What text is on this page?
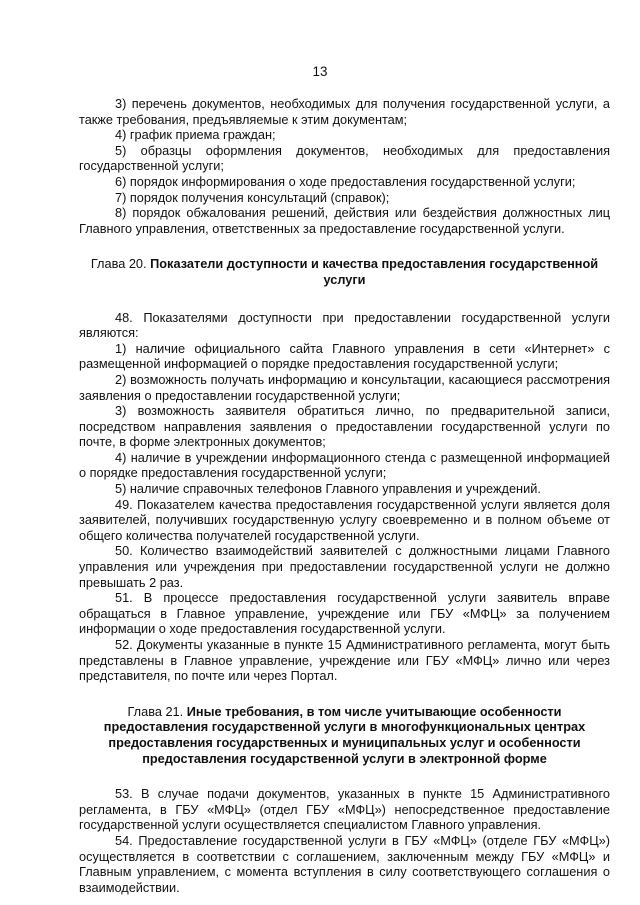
13

3) перечень документов, необходимых для получения государственной услуги, а также требования, предъявляемые к этим документам;

4) график приема граждан;

5) образцы оформления документов, необходимых для предоставления государственной услуги;

6) порядок информирования о ходе предоставления государственной услуги;

7) порядок получения консультаций (справок);

8) порядок обжалования решений, действия или бездействия должностных лиц Главного управления, ответственных за предоставление государственной услуги.

Глава 20. Показатели доступности и качества предоставления государственной услуги

48. Показателями доступности при предоставлении государственной услуги являются:

1) наличие официального сайта Главного управления в сети «Интернет» с размещенной информацией о порядке предоставления государственной услуги;

2) возможность получать информацию и консультации, касающиеся рассмотрения заявления о предоставлении государственной услуги;

3) возможность заявителя обратиться лично, по предварительной записи, посредством направления заявления о предоставлении государственной услуги по почте, в форме электронных документов;

4) наличие в учреждении информационного стенда с размещенной информацией о порядке предоставления государственной услуги;

5) наличие справочных телефонов Главного управления и учреждений.

49. Показателем качества предоставления государственной услуги является доля заявителей, получивших государственную услугу своевременно и в полном объеме от общего количества получателей государственной услуги.

50. Количество взаимодействий заявителей с должностными лицами Главного управления или учреждения при предоставлении государственной услуги не должно превышать 2 раз.

51. В процессе предоставления государственной услуги заявитель вправе обращаться в Главное управление, учреждение или ГБУ «МФЦ» за получением информации о ходе предоставления государственной услуги.

52. Документы указанные в пункте 15 Административного регламента, могут быть представлены в Главное управление, учреждение или ГБУ «МФЦ» лично или через представителя, по почте или через Портал.

Глава 21. Иные требования, в том числе учитывающие особенности предоставления государственной услуги в многофункциональных центрах предоставления государственных и муниципальных услуг и особенности предоставления государственной услуги в электронной форме

53. В случае подачи документов, указанных в пункте 15 Административного регламента, в ГБУ «МФЦ» (отдел ГБУ «МФЦ») непосредственное предоставление государственной услуги осуществляется специалистом Главного управления.

54. Предоставление государственной услуги в ГБУ «МФЦ» (отделе ГБУ «МФЦ») осуществляется в соответствии с соглашением, заключенным между ГБУ «МФЦ» и Главным управлением, с момента вступления в силу соответствующего соглашения о взаимодействии.
